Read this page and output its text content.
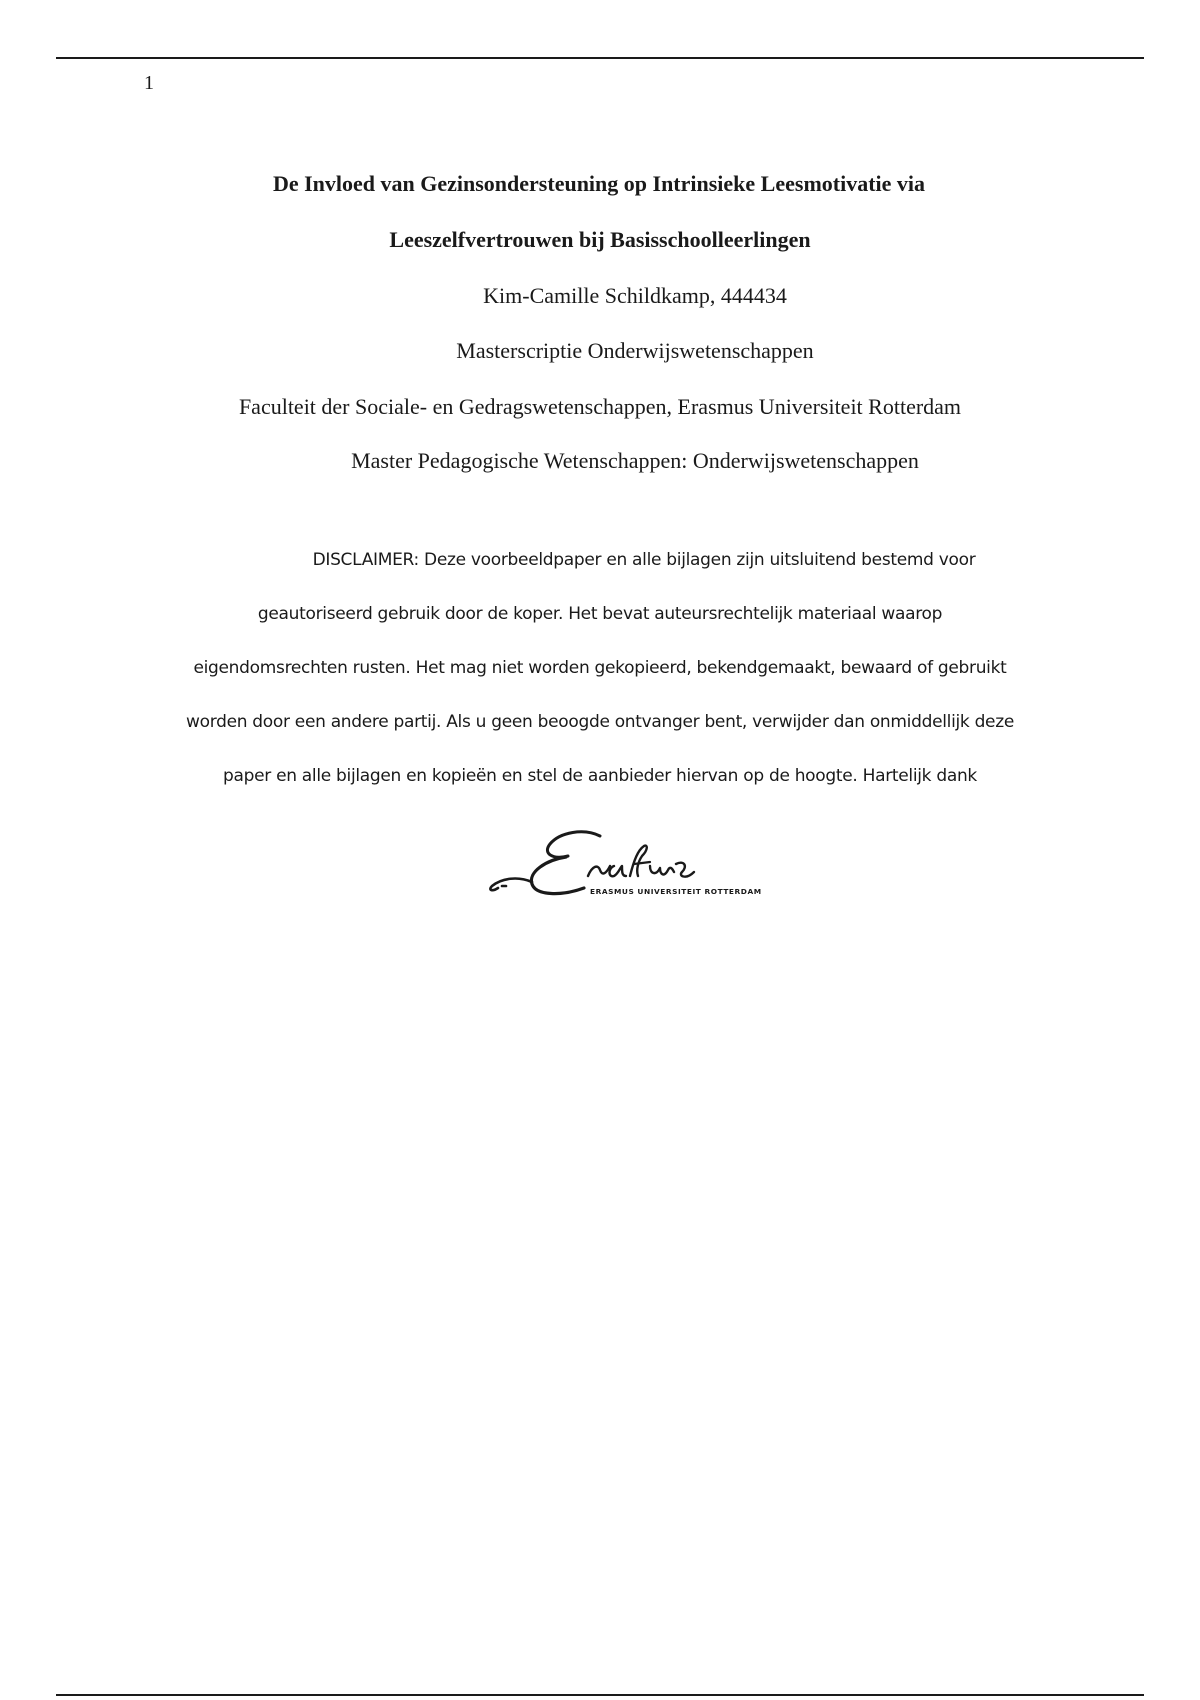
1
De Invloed van Gezinsondersteuning op Intrinsieke Leesmotivatie via
Leeszelfvertrouwen bij Basisschoolleerlingen
Kim-Camille Schildkamp, 444434
Masterscriptie Onderwijswetenschappen
Faculteit der Sociale- en Gedragswetenschappen, Erasmus Universiteit Rotterdam
Master Pedagogische Wetenschappen: Onderwijswetenschappen
DISCLAIMER: Deze voorbeeldpaper en alle bijlagen zijn uitsluitend bestemd voor
geautoriseerd gebruik door de koper. Het bevat auteursrechtelijk materiaal waarop
eigendomsrechten rusten. Het mag niet worden gekopieerd, bekendgemaakt, bewaard of gebruikt
worden door een andere partij. Als u geen beoogde ontvanger bent, verwijder dan onmiddellijk deze
paper en alle bijlagen en kopieën en stel de aanbieder hiervan op de hoogte. Hartelijk dank
ERASMUS UNIVERSITEIT ROTTERDAM
